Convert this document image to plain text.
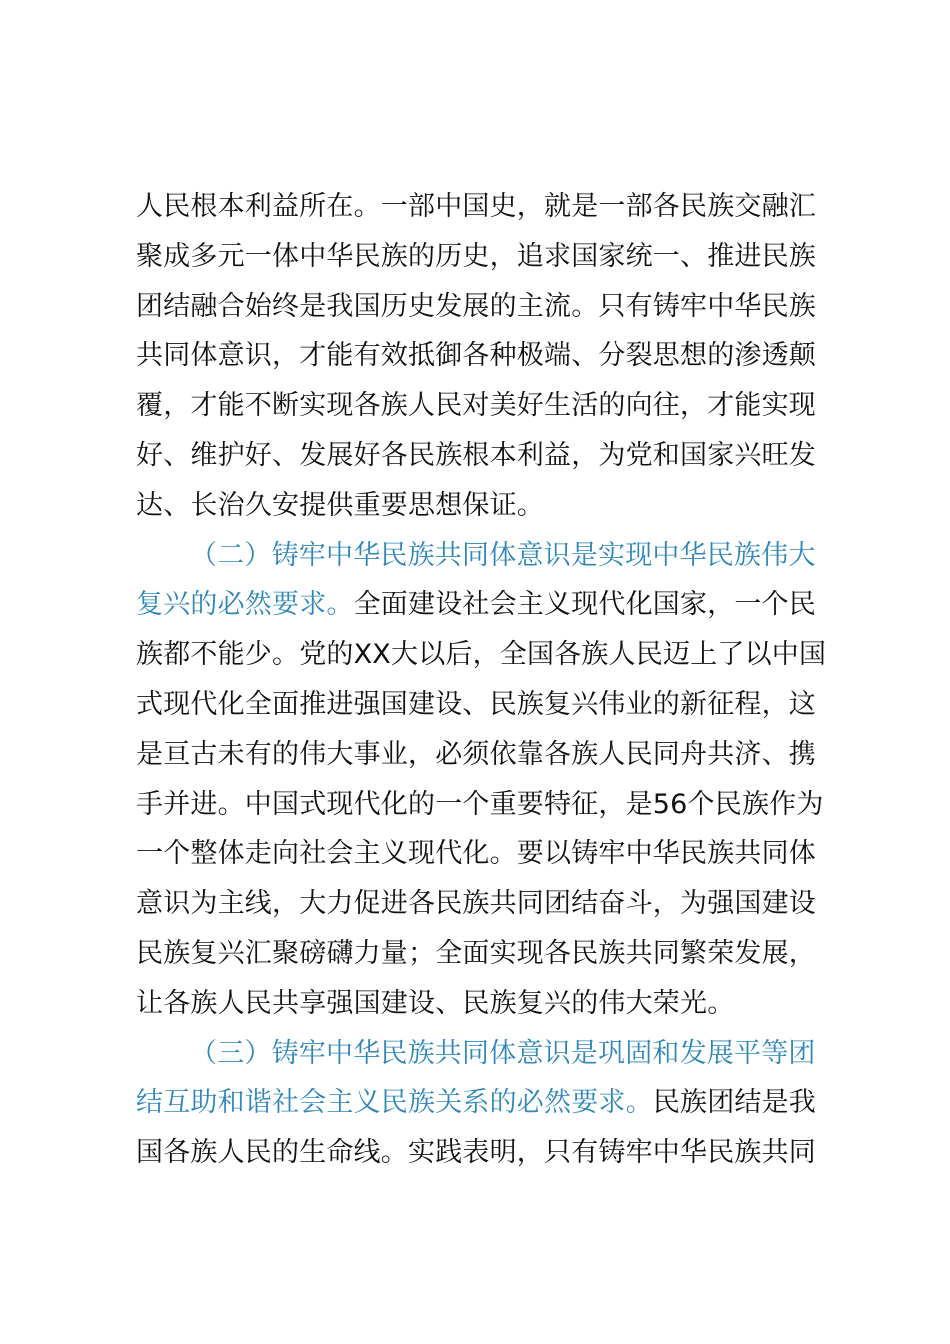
人民根本利益所在。一部中国史，就是一部各民族交融汇
聚成多元一体中华民族的历史，追求国家统一、推进民族
团结融合始终是我国历史发展的主流。只有铸牢中华民族
共同体意识，才能有效抵御各种极端、分裂思想的渗透颠
覆，才能不断实现各族人民对美好生活的向往，才能实现
好、维护好、发展好各民族根本利益，为党和国家兴旺发
达、长治久安提供重要思想保证。
（二）铸牢中华民族共同体意识是实现中华民族伟大
复兴的必然要求。全面建设社会主义现代化国家，一个民
族都不能少。党的XX大以后，全国各族人民迈上了以中国
式现代化全面推进强国建设、民族复兴伟业的新征程，这
是亘古未有的伟大事业，必须依靠各族人民同舟共济、携
手并进。中国式现代化的一个重要特征，是56个民族作为
一个整体走向社会主义现代化。要以铸牢中华民族共同体
意识为主线，大力促进各民族共同团结奋斗，为强国建设
民族复兴汇聚磅礴力量；全面实现各民族共同繁荣发展，
让各族人民共享强国建设、民族复兴的伟大荣光。
（三）铸牢中华民族共同体意识是巩固和发展平等团
结互助和谐社会主义民族关系的必然要求。民族团结是我
国各族人民的生命线。实践表明，只有铸牢中华民族共同
